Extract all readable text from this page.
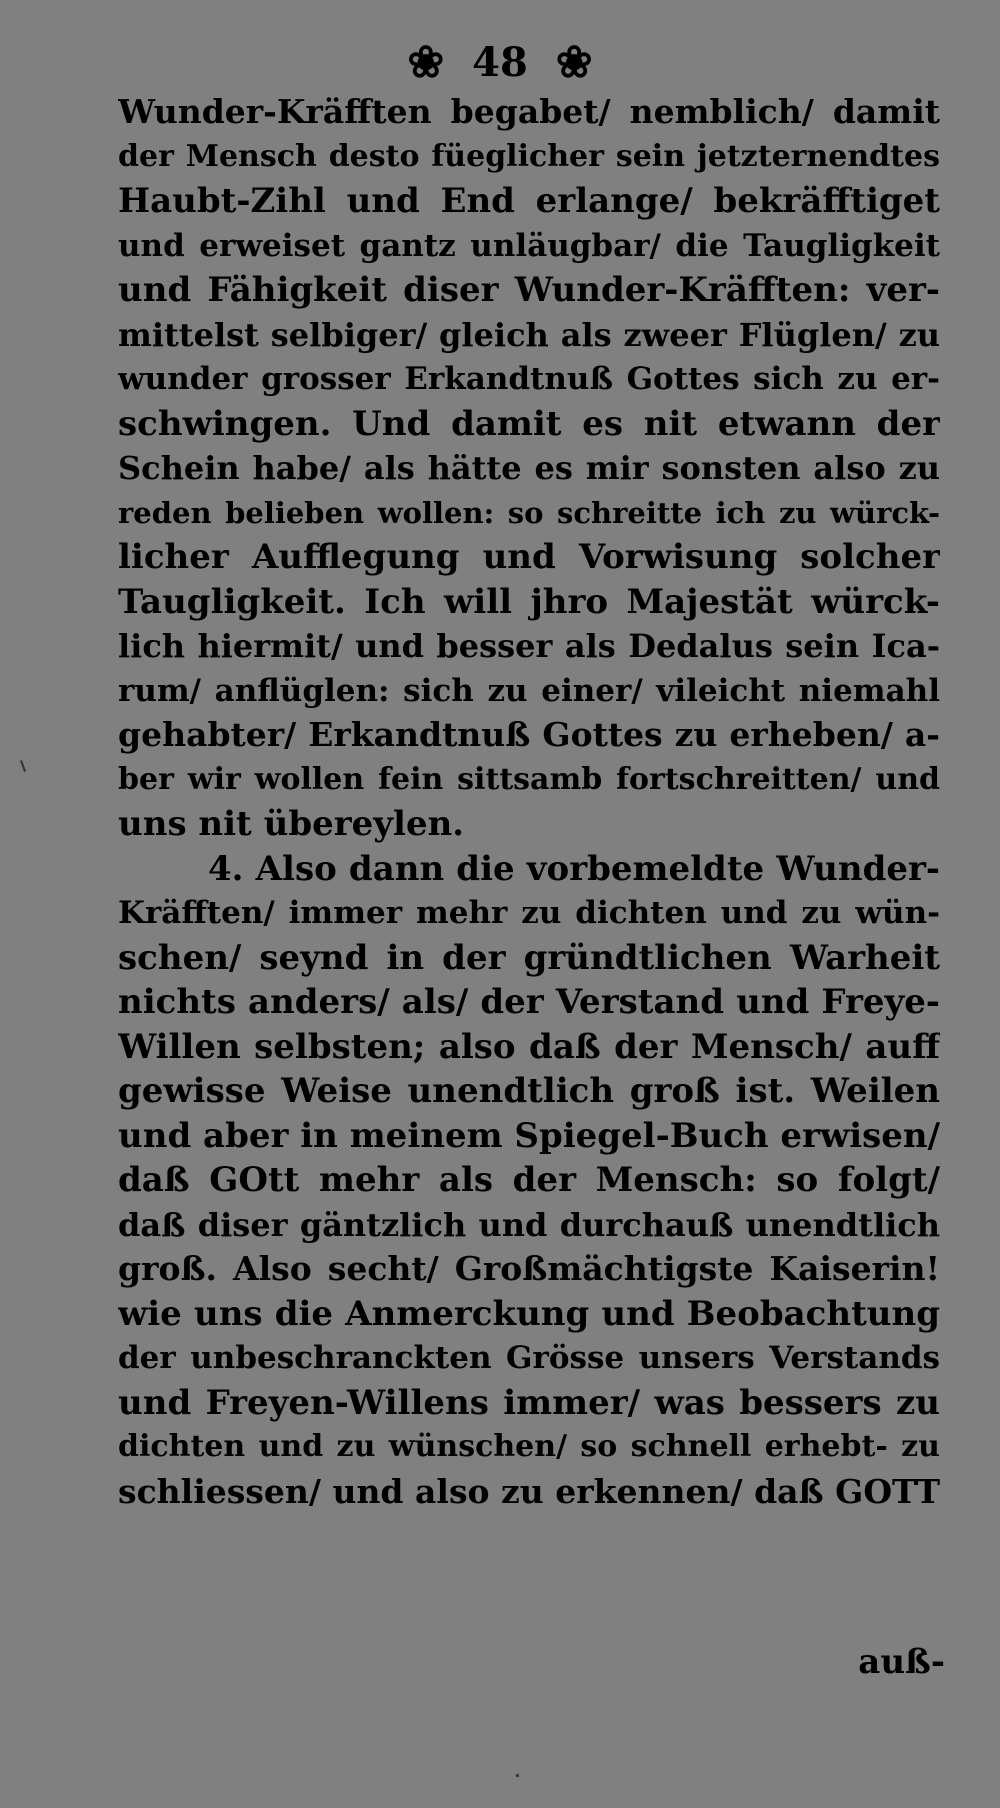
❀ 48 ❀
Wunder-Kräfften begabet/ nemblich/ damit
der Mensch desto füeglicher sein jetzternendtes
Haubt-Zihl und End erlange/ bekräfftiget
und erweiset gantz unläugbar/ die Taugligkeit
und Fähigkeit diser Wunder-Kräfften: ver-
mittelst selbiger/ gleich als zweer Flüglen/ zu
wunder grosser Erkandtnuß Gottes sich zu er-
schwingen. Und damit es nit etwann der
Schein habe/ als hätte es mir sonsten also zu
reden belieben wollen: so schreitte ich zu würck-
licher Aufflegung und Vorwisung solcher
Taugligkeit. Ich will jhro Majestät würck-
lich hiermit/ und besser als Dedalus sein Ica-
rum/ anflüglen: sich zu einer/ vileicht niemahl
gehabter/ Erkandtnuß Gottes zu erheben/ a-
ber wir wollen fein sittsamb fortschreitten/ und
uns nit übereylen.
4. Also dann die vorbemeldte Wunder-
Kräfften/ immer mehr zu dichten und zu wün-
schen/ seynd in der gründtlichen Warheit
nichts anders/ als/ der Verstand und Freye-
Willen selbsten; also daß der Mensch/ auff
gewisse Weise unendtlich groß ist. Weilen
und aber in meinem Spiegel-Buch erwisen/
daß GOtt mehr als der Mensch: so folgt/
daß diser gäntzlich und durchauß unendtlich
groß. Also secht/ Großmächtigste Kaiserin!
wie uns die Anmerckung und Beobachtung
der unbeschranckten Grösse unsers Verstands
und Freyen-Willens immer/ was bessers zu
dichten und zu wünschen/ so schnell erhebt- zu
schliessen/ und also zu erkennen/ daß GOTT
auß-
